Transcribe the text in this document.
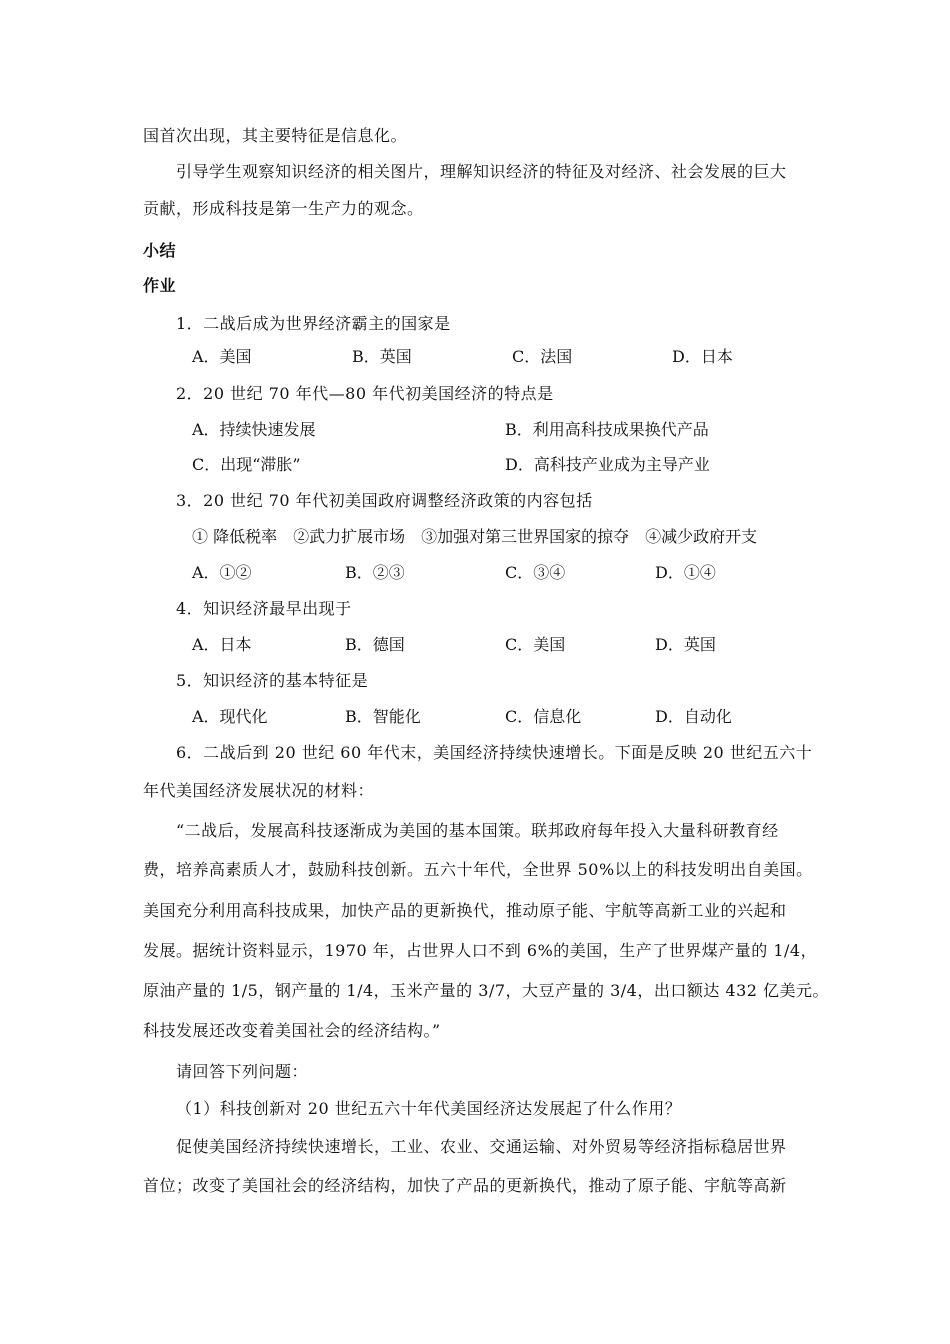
国首次出现，其主要特征是信息化。
引导学生观察知识经济的相关图片，理解知识经济的特征及对经济、社会发展的巨大
贡献，形成科技是第一生产力的观念。
小结
作业
1．二战后成为世界经济霸主的国家是
A．美国	B．英国	C．法国	D．日本
2．20 世纪 70 年代—80 年代初美国经济的特点是
A．持续快速发展	B．利用高科技成果换代产品
C．出现“滞胀”	D．高科技产业成为主导产业
3．20 世纪 70 年代初美国政府调整经济政策的内容包括
① 降低税率　②武力扩展市场　③加强对第三世界国家的掠夺　④减少政府开支
A．①②	B．②③	C．③④	D．①④
4．知识经济最早出现于
A．日本	B．德国	C．美国	D．英国
5．知识经济的基本特征是
A．现代化	B．智能化	C．信息化	D．自动化
6．二战后到 20 世纪 60 年代末，美国经济持续快速增长。下面是反映 20 世纪五六十
年代美国经济发展状况的材料：
“二战后，发展高科技逐渐成为美国的基本国策。联邦政府每年投入大量科研教育经
费，培养高素质人才，鼓励科技创新。五六十年代，全世界 50%以上的科技发明出自美国。
美国充分利用高科技成果，加快产品的更新换代，推动原子能、宇航等高新工业的兴起和
发展。据统计资料显示，1970 年，占世界人口不到 6%的美国，生产了世界煤产量的 1/4，
原油产量的 1/5，钢产量的 1/4，玉米产量的 3/7，大豆产量的 3/4，出口额达 432 亿美元。
科技发展还改变着美国社会的经济结构。”
请回答下列问题：
（1）科技创新对 20 世纪五六十年代美国经济达发展起了什么作用？
促使美国经济持续快速增长，工业、农业、交通运输、对外贸易等经济指标稳居世界
首位；改变了美国社会的经济结构，加快了产品的更新换代，推动了原子能、宇航等高新
